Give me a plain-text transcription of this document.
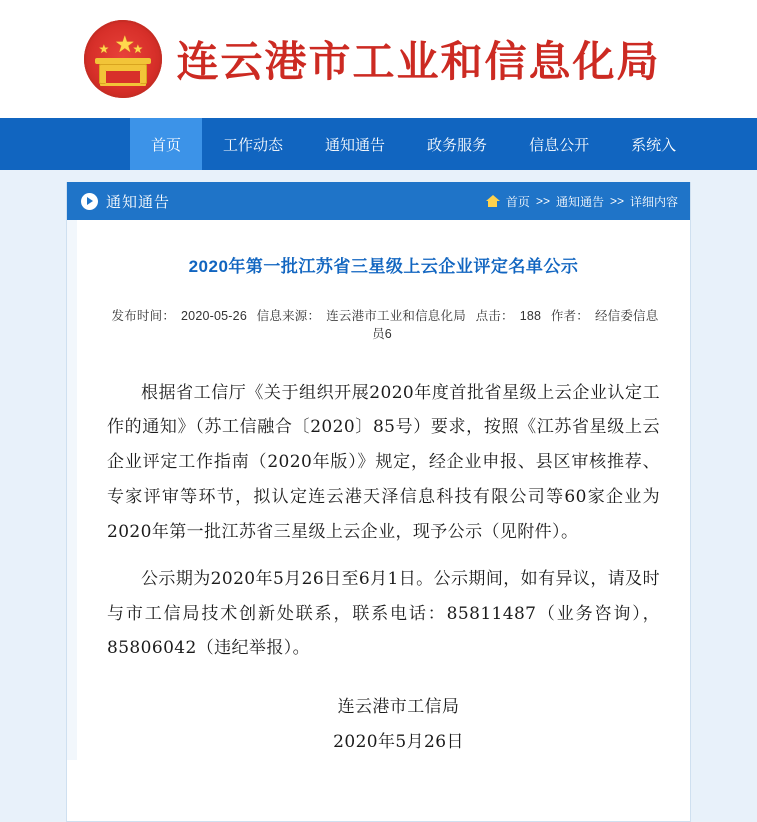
★
★ ★ 连云港市工业和信息化局
首页	工作动态	通知通告	政务服务	信息公开	系统入
通知通告	首页 >> 通知通告 >> 详细内容
2020年第一批江苏省三星级上云企业评定名单公示
发布时间： 2020-05-26 信息来源： 连云港市工业和信息化局 点击： 188 作者： 经信委信息员6

根据省工信厅《关于组织开展2020年度首批省星级上云企业认定工作的通知》（苏工信融合〔2020〕85号）要求，按照《江苏省星级上云企业评定工作指南（2020年版）》规定，经企业申报、县区审核推荐、专家评审等环节，拟认定连云港天泽信息科技有限公司等60家企业为2020年第一批江苏省三星级上云企业，现予公示（见附件）。

公示期为2020年5月26日至6月1日。公示期间，如有异议，请及时与市工信局技术创新处联系，联系电话：85811487（业务咨询），85806042（违纪举报）。

连云港市工信局
2020年5月26日
